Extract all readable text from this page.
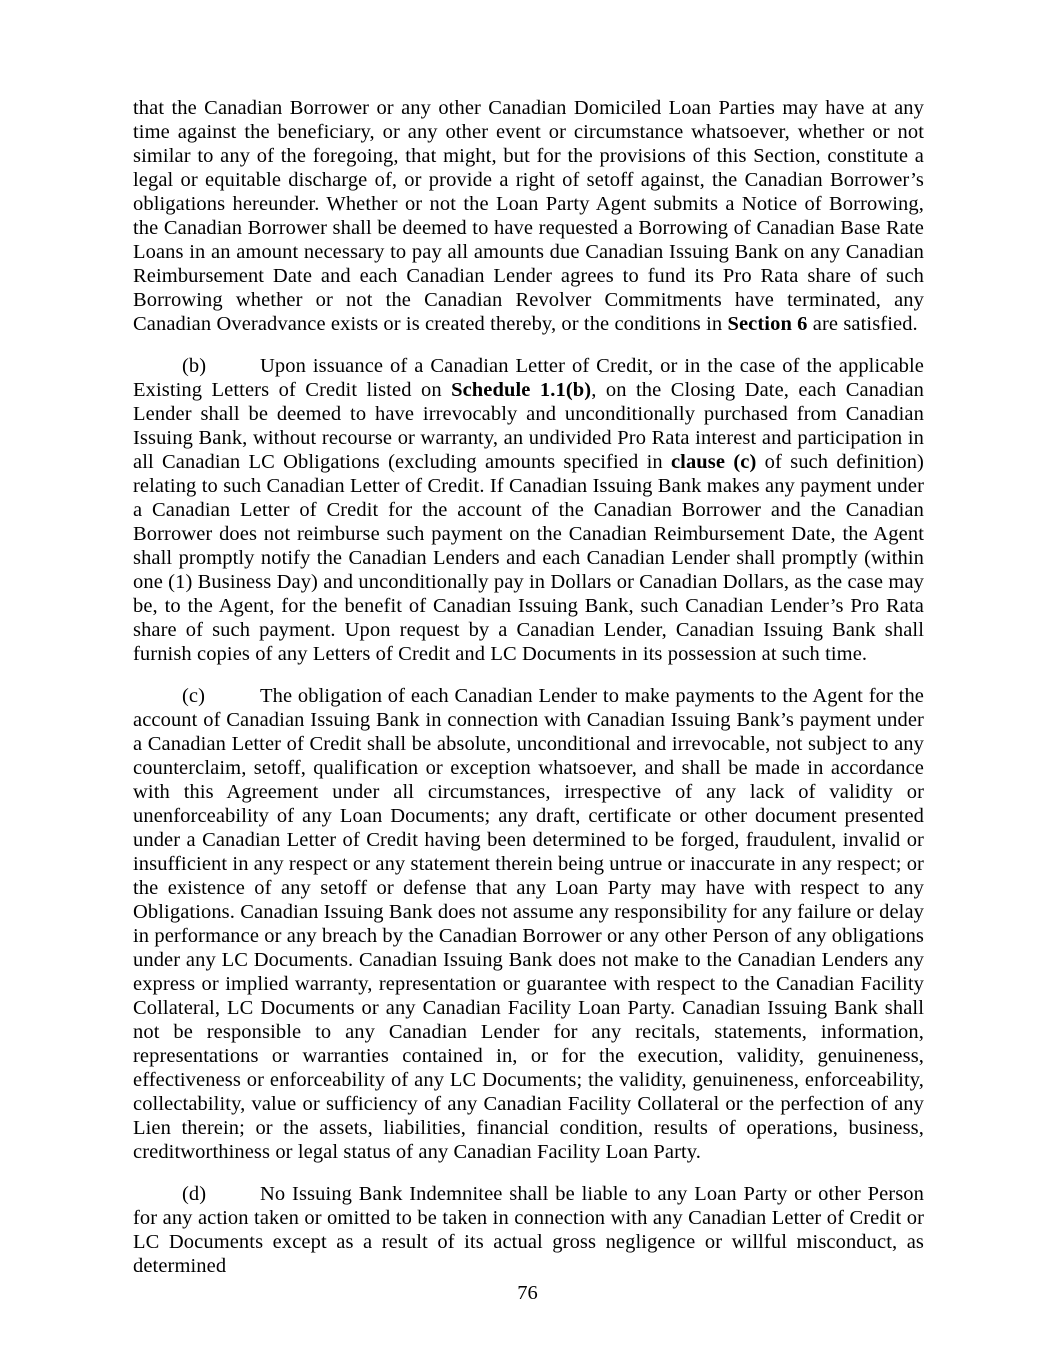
that the Canadian Borrower or any other Canadian Domiciled Loan Parties may have at any time against the beneficiary, or any other event or circumstance whatsoever, whether or not similar to any of the foregoing, that might, but for the provisions of this Section, constitute a legal or equitable discharge of, or provide a right of setoff against, the Canadian Borrower’s obligations hereunder. Whether or not the Loan Party Agent submits a Notice of Borrowing, the Canadian Borrower shall be deemed to have requested a Borrowing of Canadian Base Rate Loans in an amount necessary to pay all amounts due Canadian Issuing Bank on any Canadian Reimbursement Date and each Canadian Lender agrees to fund its Pro Rata share of such Borrowing whether or not the Canadian Revolver Commitments have terminated, any Canadian Overadvance exists or is created thereby, or the conditions in Section 6 are satisfied.

(b)	Upon issuance of a Canadian Letter of Credit, or in the case of the applicable Existing Letters of Credit listed on Schedule 1.1(b), on the Closing Date, each Canadian Lender shall be deemed to have irrevocably and unconditionally purchased from Canadian Issuing Bank, without recourse or warranty, an undivided Pro Rata interest and participation in all Canadian LC Obligations (excluding amounts specified in clause (c) of such definition) relating to such Canadian Letter of Credit. If Canadian Issuing Bank makes any payment under a Canadian Letter of Credit for the account of the Canadian Borrower and the Canadian Borrower does not reimburse such payment on the Canadian Reimbursement Date, the Agent shall promptly notify the Canadian Lenders and each Canadian Lender shall promptly (within one (1) Business Day) and unconditionally pay in Dollars or Canadian Dollars, as the case may be, to the Agent, for the benefit of Canadian Issuing Bank, such Canadian Lender’s Pro Rata share of such payment. Upon request by a Canadian Lender, Canadian Issuing Bank shall furnish copies of any Letters of Credit and LC Documents in its possession at such time.

(c)	The obligation of each Canadian Lender to make payments to the Agent for the account of Canadian Issuing Bank in connection with Canadian Issuing Bank’s payment under a Canadian Letter of Credit shall be absolute, unconditional and irrevocable, not subject to any counterclaim, setoff, qualification or exception whatsoever, and shall be made in accordance with this Agreement under all circumstances, irrespective of any lack of validity or unenforceability of any Loan Documents; any draft, certificate or other document presented under a Canadian Letter of Credit having been determined to be forged, fraudulent, invalid or insufficient in any respect or any statement therein being untrue or inaccurate in any respect; or the existence of any setoff or defense that any Loan Party may have with respect to any Obligations. Canadian Issuing Bank does not assume any responsibility for any failure or delay in performance or any breach by the Canadian Borrower or any other Person of any obligations under any LC Documents. Canadian Issuing Bank does not make to the Canadian Lenders any express or implied warranty, representation or guarantee with respect to the Canadian Facility Collateral, LC Documents or any Canadian Facility Loan Party. Canadian Issuing Bank shall not be responsible to any Canadian Lender for any recitals, statements, information, representations or warranties contained in, or for the execution, validity, genuineness, effectiveness or enforceability of any LC Documents; the validity, genuineness, enforceability, collectability, value or sufficiency of any Canadian Facility Collateral or the perfection of any Lien therein; or the assets, liabilities, financial condition, results of operations, business, creditworthiness or legal status of any Canadian Facility Loan Party.

(d)	No Issuing Bank Indemnitee shall be liable to any Loan Party or other Person for any action taken or omitted to be taken in connection with any Canadian Letter of Credit or LC Documents except as a result of its actual gross negligence or willful misconduct, as determined

76
